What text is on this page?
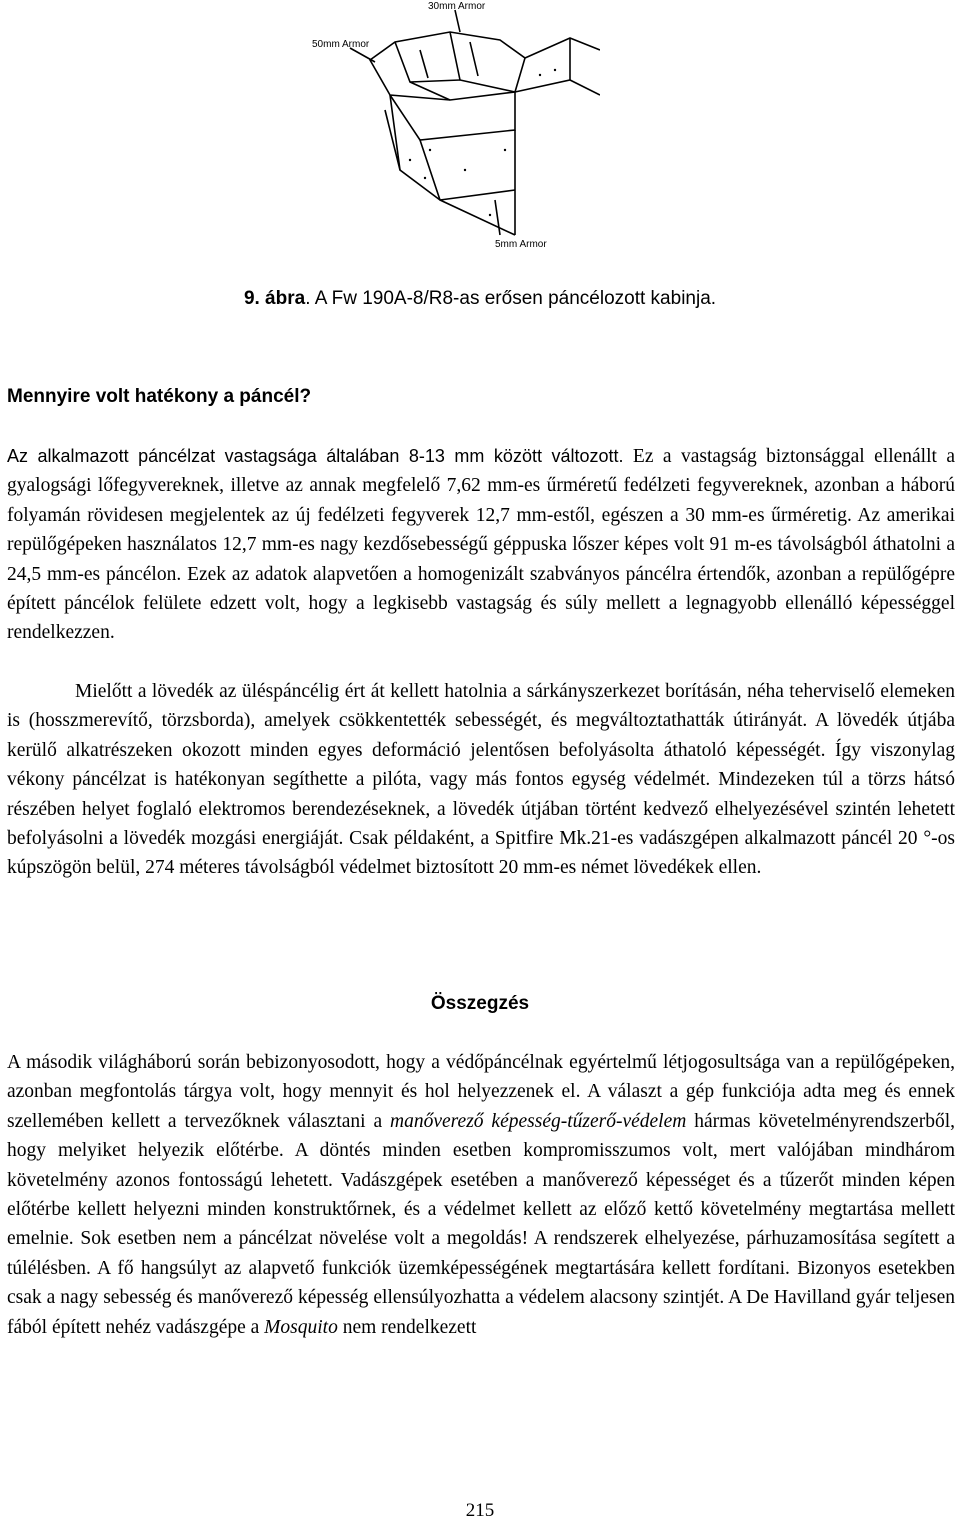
30mm Armor
50mm Armor
5mm Armor
9. ábra. A Fw 190A-8/R8-as erősen páncélozott kabinja.
Mennyire volt hatékony a páncél?
Az alkalmazott páncélzat vastagsága általában 8-13 mm között változott. Ez a vastagság biztonsággal ellenállt a gyalogsági lőfegyvereknek, illetve az annak megfelelő 7,62 mm-es űrméretű fedélzeti fegyvereknek, azonban a háború folyamán rövidesen megjelentek az új fedélzeti fegyverek 12,7 mm-estől, egészen a 30 mm-es űrméretig. Az amerikai repülőgépeken használatos 12,7 mm-es nagy kezdősebességű géppuska lőszer képes volt 91 m-es távolságból áthatolni a 24,5 mm-es páncélon. Ezek az adatok alapvetően a homogenizált szabványos páncélra értendők, azonban a repülőgépre épített páncélok felülete edzett volt, hogy a legkisebb vastagság és súly mellett a legnagyobb ellenálló képességgel rendelkezzen.
Mielőtt a lövedék az üléspáncélig ért át kellett hatolnia a sárkányszerkezet borításán, néha teherviselő elemeken is (hosszmerevítő, törzsborda), amelyek csökkentették sebességét, és megváltoztathatták útirányát. A lövedék útjába kerülő alkatrészeken okozott minden egyes deformáció jelentősen befolyásolta áthatoló képességét. Így viszonylag vékony páncélzat is hatékonyan segíthette a pilóta, vagy más fontos egység védelmét. Mindezeken túl a törzs hátsó részében helyet foglaló elektromos berendezéseknek, a lövedék útjában történt kedvező elhelyezésével szintén lehetett befolyásolni a lövedék mozgási energiáját. Csak példaként, a Spitfire Mk.21-es vadászgépen alkalmazott páncél 20 °-os kúpszögön belül, 274 méteres távolságból védelmet biztosított 20 mm-es német lövedékek ellen.
Összegzés
A második világháború során bebizonyosodott, hogy a védőpáncélnak egyértelmű létjogosultsága van a repülőgépeken, azonban megfontolás tárgya volt, hogy mennyit és hol helyezzenek el. A választ a gép funkciója adta meg és ennek szellemében kellett a tervezőknek választani a manőverező képesség-tűzerő-védelem hármas követelményrendszerből, hogy melyiket helyezik előtérbe. A döntés minden esetben kompromisszumos volt, mert valójában mindhárom követelmény azonos fontosságú lehetett. Vadászgépek esetében a manőverező képességet és a tűzerőt minden képen előtérbe kellett helyezni minden konstruktőrnek, és a védelmet kellett az előző kettő követelmény megtartása mellett emelnie. Sok esetben nem a páncélzat növelése volt a megoldás! A rendszerek elhelyezése, párhuzamosítása segített a túlélésben. A fő hangsúlyt az alapvető funkciók üzemképességének megtartására kellett fordítani. Bizonyos esetekben csak a nagy sebesség és manőverező képesség ellensúlyozhatta a védelem alacsony szintjét. A De Havilland gyár teljesen fából épített nehéz vadászgépe a Mosquito nem rendelkezett
215
